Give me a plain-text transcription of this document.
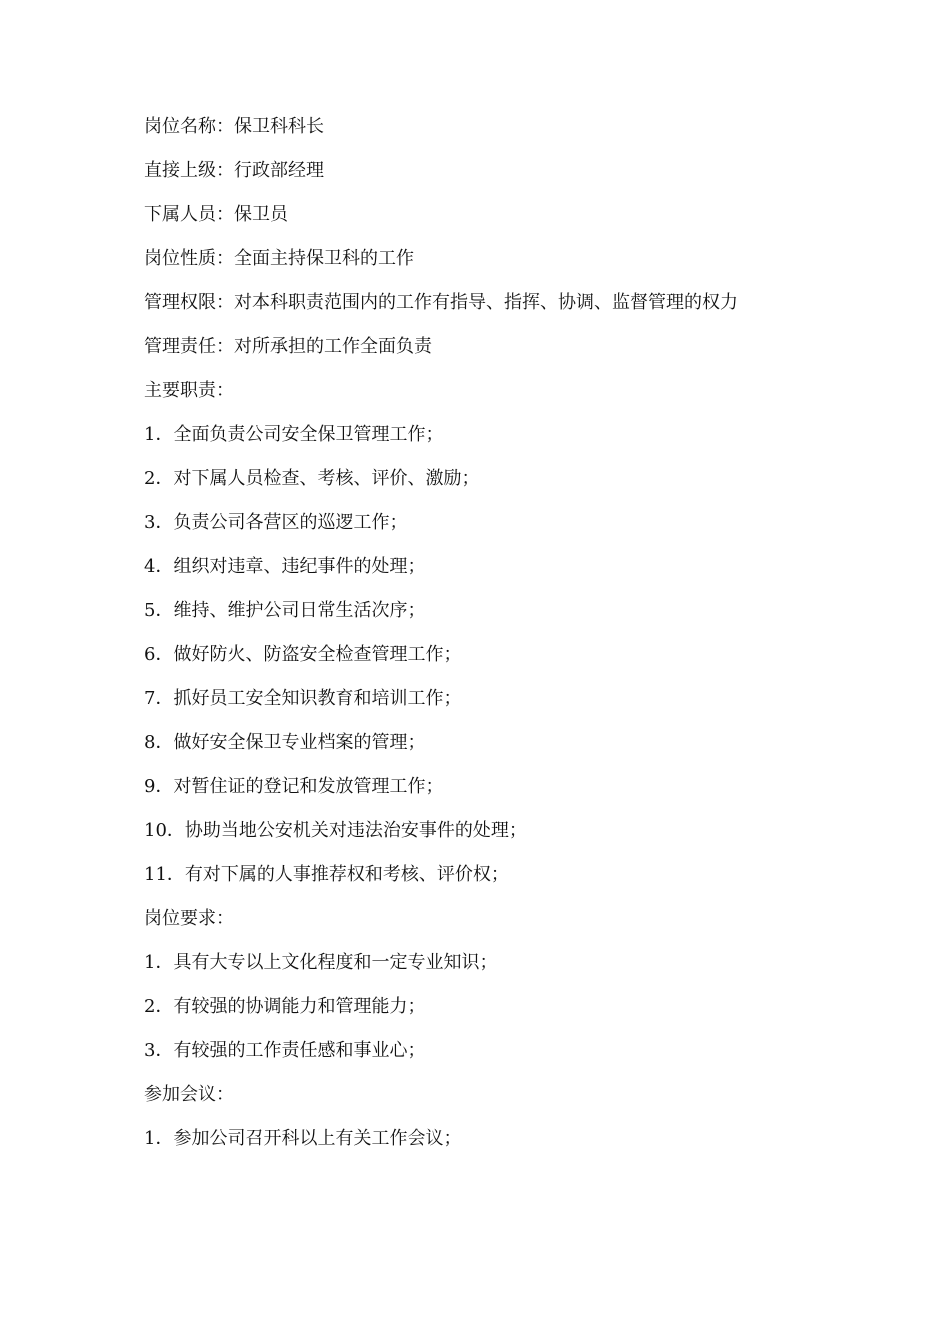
岗位名称：保卫科科长
直接上级：行政部经理
下属人员：保卫员
岗位性质：全面主持保卫科的工作
管理权限：对本科职责范围内的工作有指导、指挥、协调、监督管理的权力
管理责任：对所承担的工作全面负责
主要职责：
1．全面负责公司安全保卫管理工作；
2．对下属人员检查、考核、评价、激励；
3．负责公司各营区的巡逻工作；
4．组织对违章、违纪事件的处理；
5．维持、维护公司日常生活次序；
6．做好防火、防盗安全检查管理工作；
7．抓好员工安全知识教育和培训工作；
8．做好安全保卫专业档案的管理；
9．对暂住证的登记和发放管理工作；
10．协助当地公安机关对违法治安事件的处理；
11．有对下属的人事推荐权和考核、评价权；
岗位要求：
1．具有大专以上文化程度和一定专业知识；
2．有较强的协调能力和管理能力；
3．有较强的工作责任感和事业心；
参加会议：
1．参加公司召开科以上有关工作会议；
